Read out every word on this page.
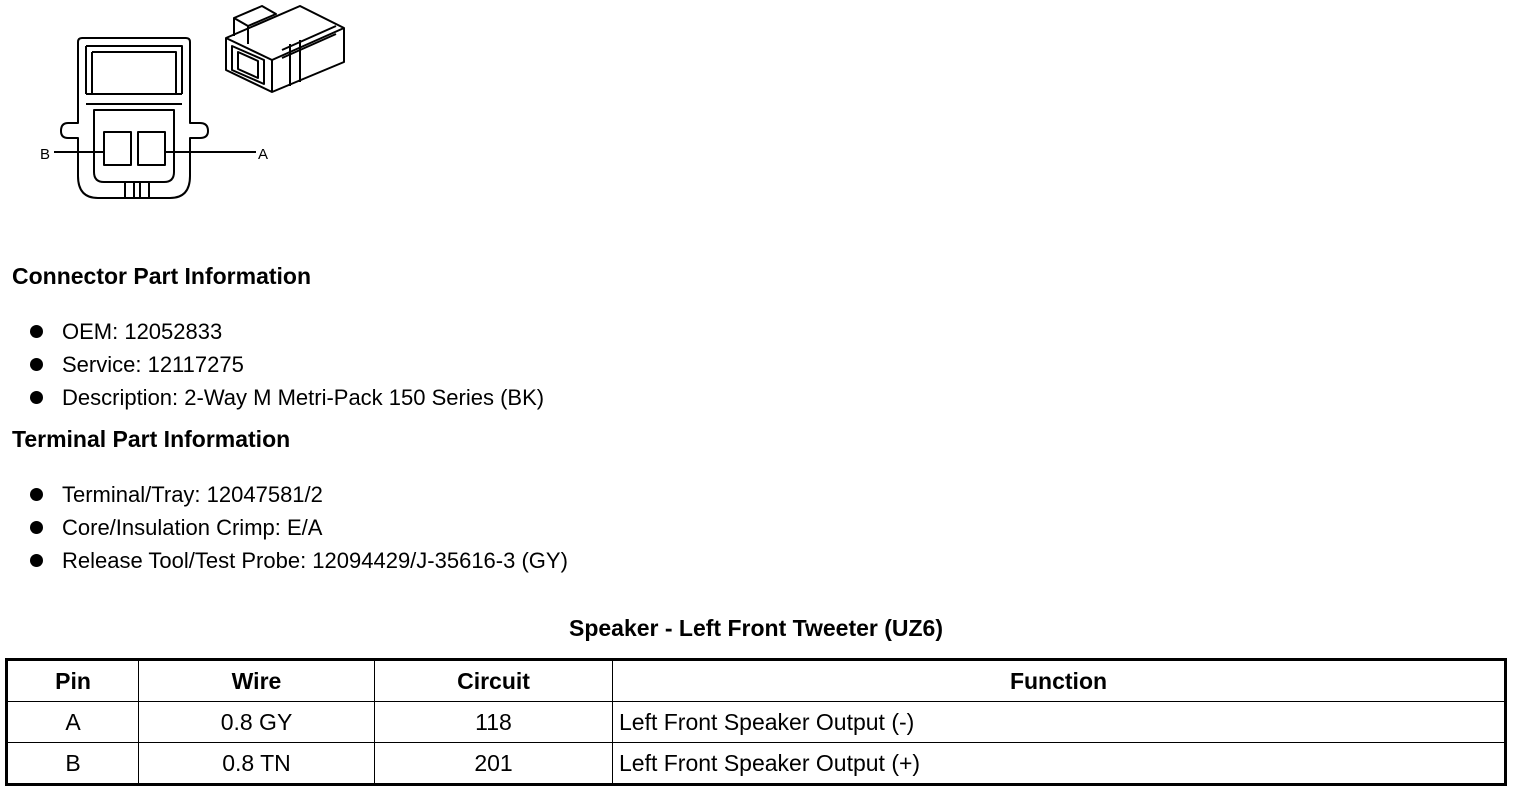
B	A
Connector Part Information
OEM: 12052833
Service: 12117275
Description: 2-Way M Metri-Pack 150 Series (BK)
Terminal Part Information
Terminal/Tray: 12047581/2
Core/Insulation Crimp: E/A
Release Tool/Test Probe: 12094429/J-35616-3 (GY)
Speaker - Left Front Tweeter (UZ6)
Pin	Wire	Circuit	Function
A	0.8 GY	118	Left Front Speaker Output (-)
B	0.8 TN	201	Left Front Speaker Output (+)
